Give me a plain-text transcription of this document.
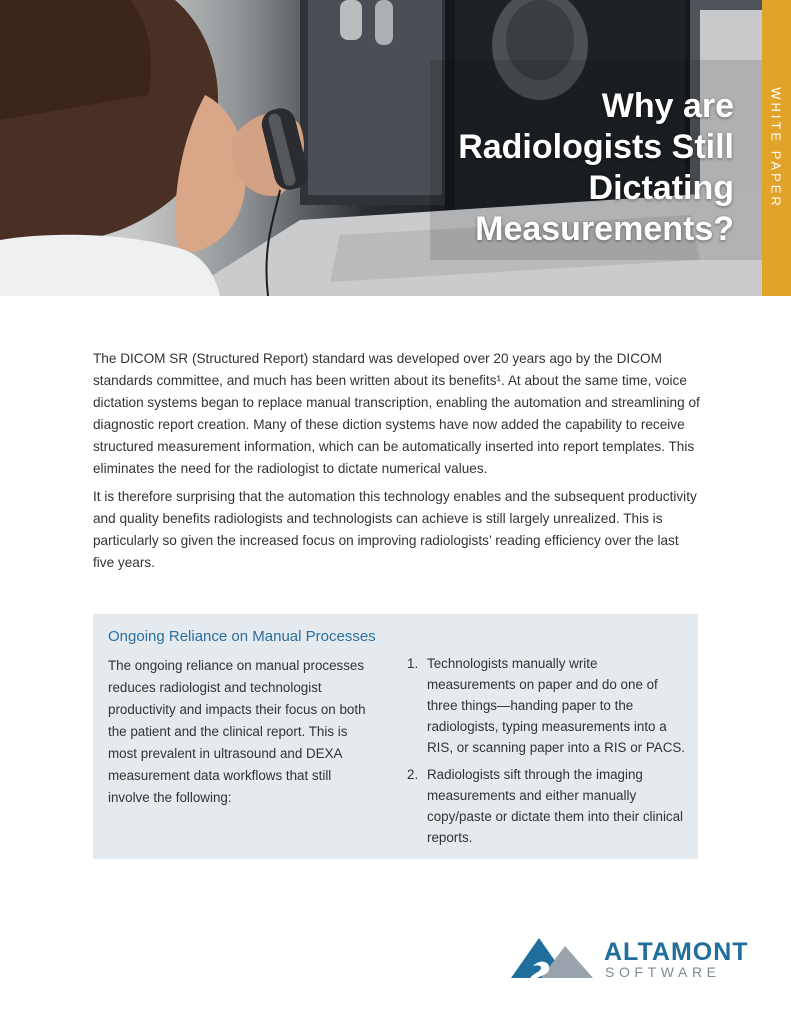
Why are Radiologists Still Dictating Measurements?
WHITE PAPER

The DICOM SR (Structured Report) standard was developed over 20 years ago by the DICOM standards committee, and much has been written about its benefits¹. At about the same time, voice dictation systems began to replace manual transcription, enabling the automation and streamlining of diagnostic report creation. Many of these diction systems have now added the capability to receive structured measurement information, which can be automatically inserted into report templates. This eliminates the need for the radiologist to dictate numerical values.

It is therefore surprising that the automation this technology enables and the subsequent productivity and quality benefits radiologists and technologists can achieve is still largely unrealized. This is particularly so given the increased focus on improving radiologists’ reading efficiency over the last five years.

Ongoing Reliance on Manual Processes

The ongoing reliance on manual processes reduces radiologist and technologist productivity and impacts their focus on both the patient and the clinical report. This is most prevalent in ultrasound and DEXA measurement data workflows that still involve the following:

1. Technologists manually write measurements on paper and do one of three things—handing paper to the radiologists, typing measurements into a RIS, or scanning paper into a RIS or PACS.
2. Radiologists sift through the imaging measurements and either manually copy/paste or dictate them into their clinical reports.

ALTAMONT

SOFTWARE
